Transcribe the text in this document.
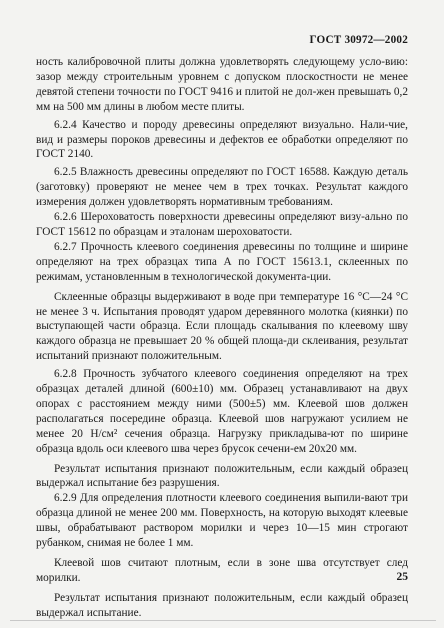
ГОСТ 30972—2002

ность калибровочной плиты должна удовлетворять следующему усло-вию: зазор между строительным уровнем с допуском плоскостности не менее девятой степени точности по ГОСТ 9416 и плитой не дол-жен превышать 0,2 мм на 500 мм длины в любом месте плиты.

6.2.4 Качество и породу древесины определяют визуально. Нали-чие, вид и размеры пороков древесины и дефектов ее обработки определяют по ГОСТ 2140.

6.2.5 Влажность древесины определяют по ГОСТ 16588. Каждую деталь (заготовку) проверяют не менее чем в трех точках. Результат каждого измерения должен удовлетворять нормативным требованиям.

6.2.6 Шероховатость поверхности древесины определяют визу-ально по ГОСТ 15612 по образцам и эталонам шероховатости.

6.2.7 Прочность клеевого соединения древесины по толщине и ширине определяют на трех образцах типа А по ГОСТ 15613.1, склеенных по режимам, установленным в технологической документа-ции.

Склеенные образцы выдерживают в воде при температуре 16 °С—24 °С не менее 3 ч. Испытания проводят ударом деревянного молотка (киянки) по выступающей части образца. Если площадь скалывания по клеевому шву каждого образца не превышает 20 % общей площа-ди склеивания, результат испытаний признают положительным.

6.2.8 Прочность зубчатого клеевого соединения определяют на трех образцах деталей длиной (600±10) мм. Образец устанавливают на двух опорах с расстоянием между ними (500±5) мм. Клеевой шов должен располагаться посередине образца. Клеевой шов нагружают усилием не менее 20 Н/см² сечения образца. Нагрузку прикладыва-ют по ширине образца вдоль оси клеевого шва через брусок сечени-ем 20х20 мм.

Результат испытания признают положительным, если каждый образец выдержал испытание без разрушения.

6.2.9 Для определения плотности клеевого соединения выпили-вают три образца длиной не менее 200 мм. Поверхность, на которую выходят клеевые швы, обрабатывают раствором морилки и через 10—15 мин строгают рубанком, снимая не более 1 мм.

Клеевой шов считают плотным, если в зоне шва отсутствует след морилки.

Результат испытания признают положительным, если каждый образец выдержал испытание.

25
